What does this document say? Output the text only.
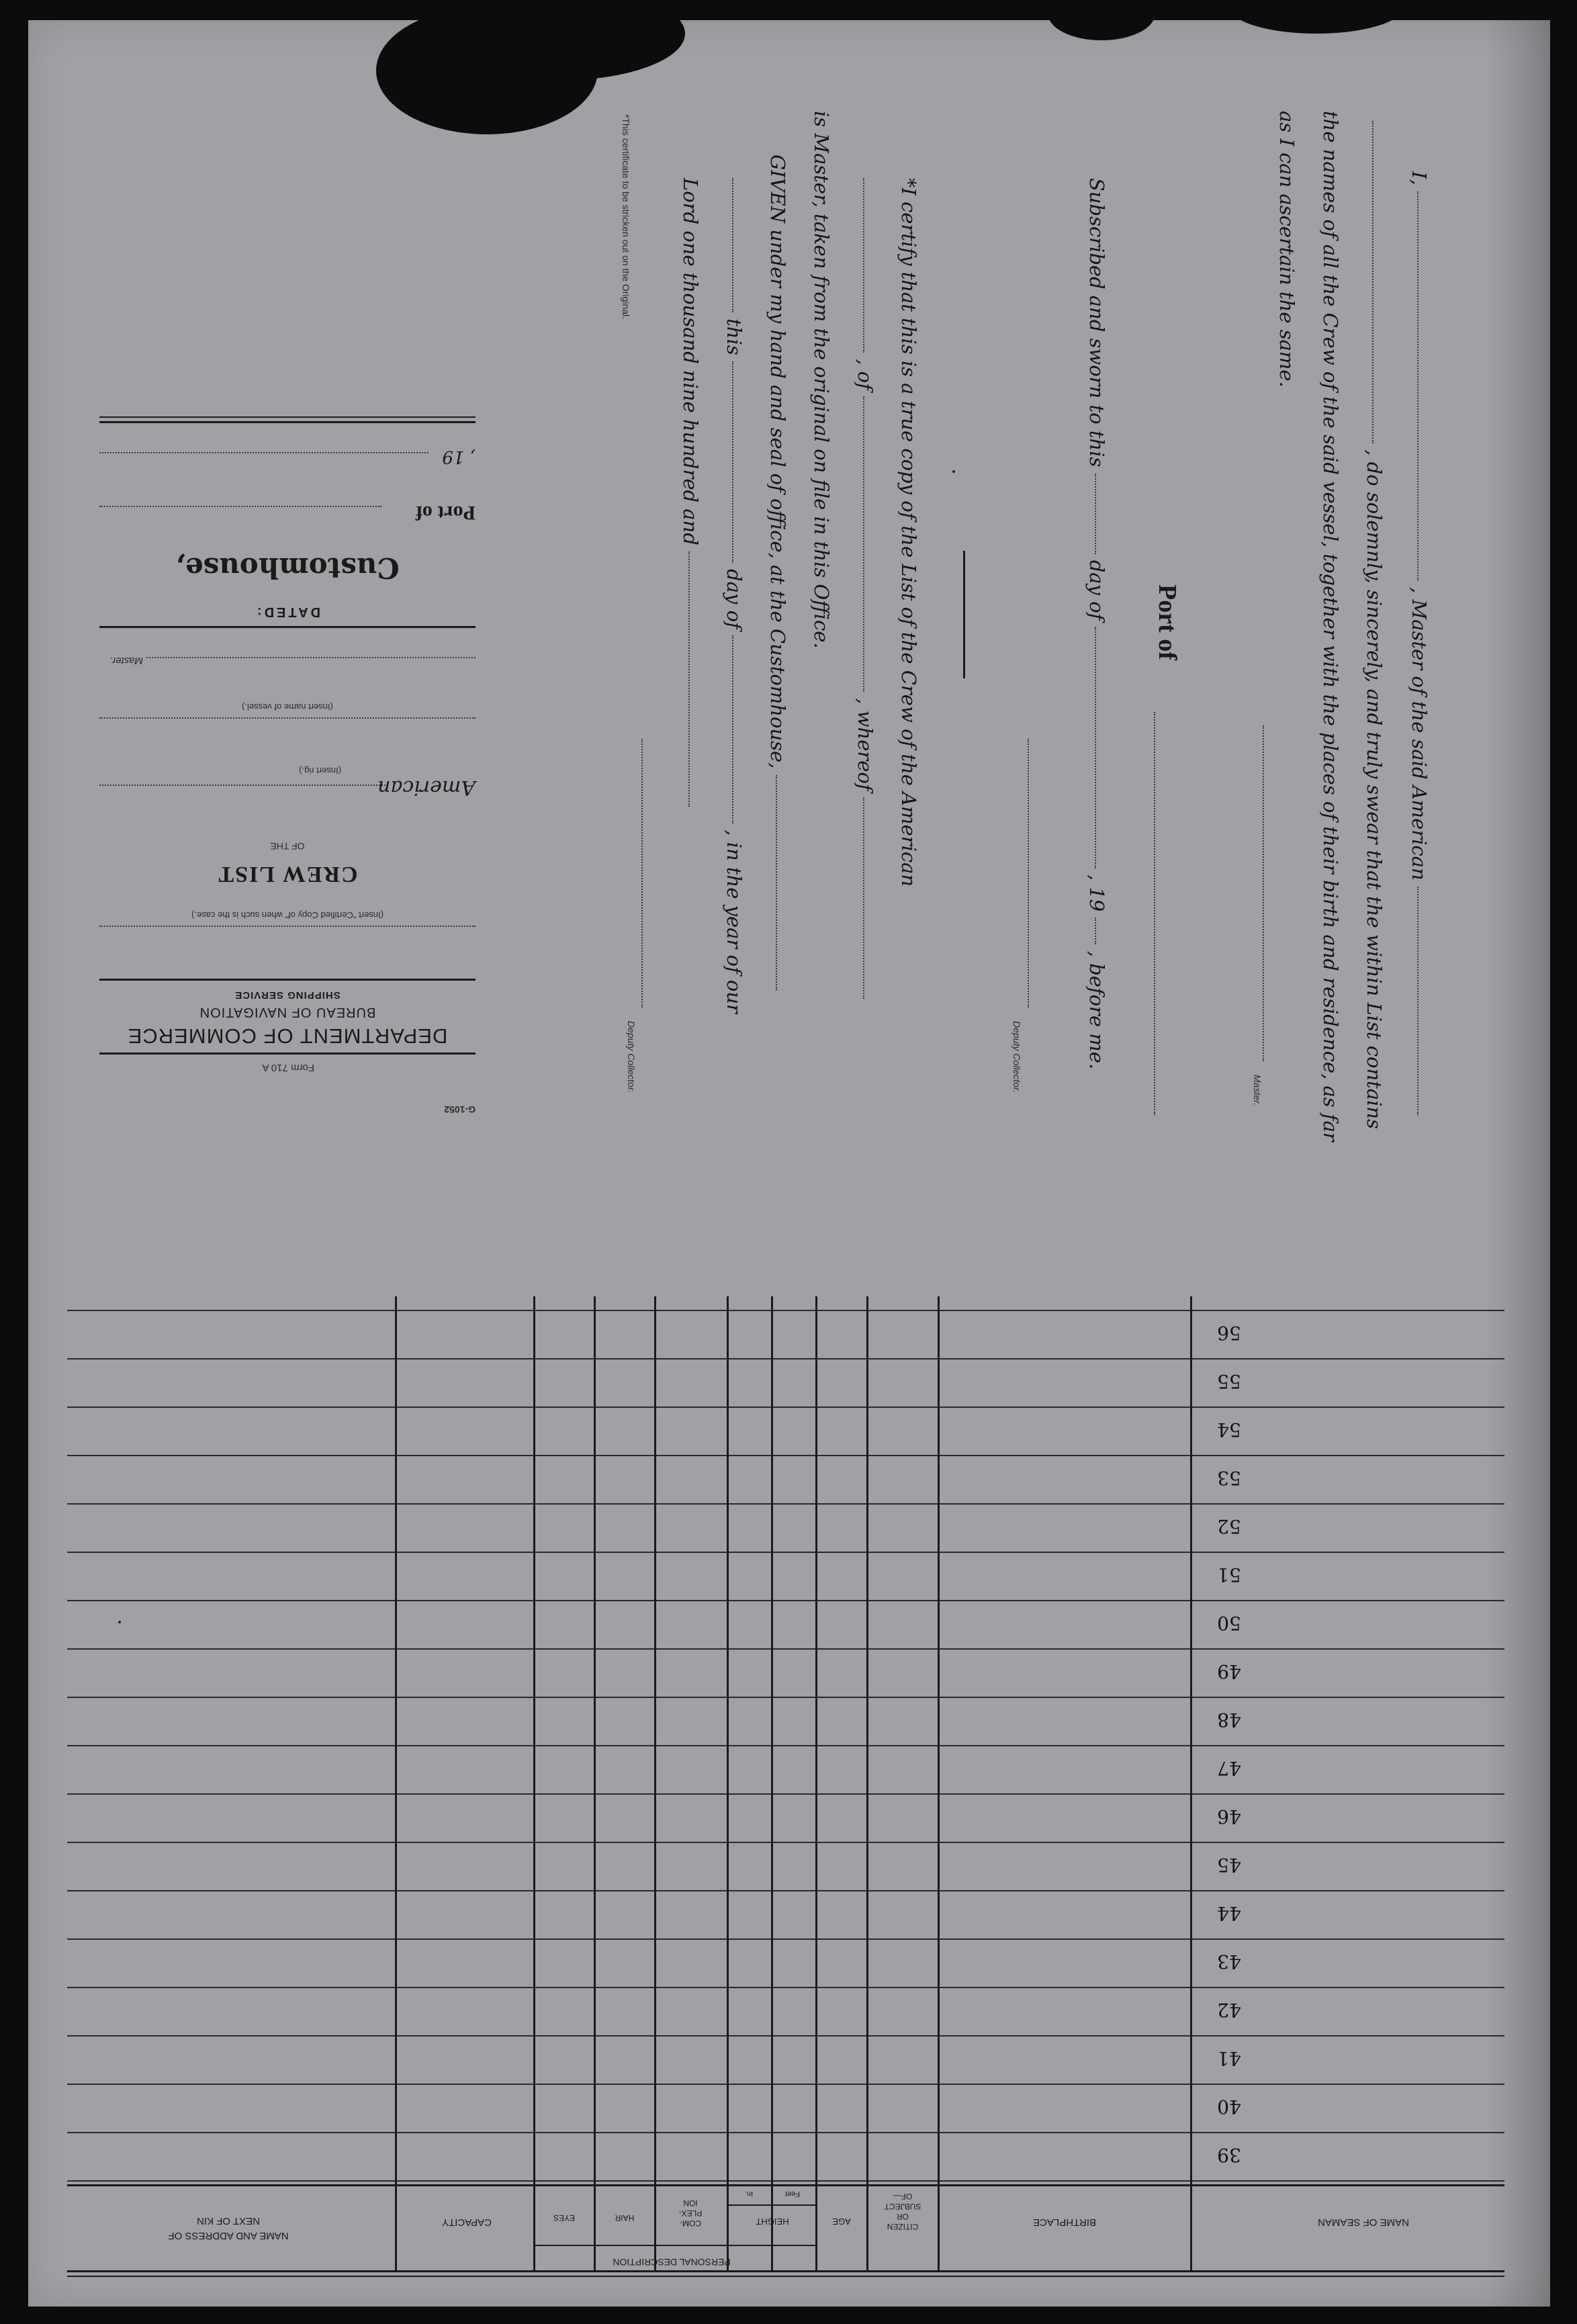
I,  , Master of the said American
, do solemnly, sincerely, and truly swear that the within List contains
the names of all the Crew of the said vessel, together with the places of their birth and residence, as far
as I can ascertain the same.
Master.
Port of
Subscribed and sworn to this  day of  , 19  , before me.
Deputy Collector.
*I certify that this is a true copy of the List of the Crew of the American
, of  , whereof
is Master, taken from the original on file in this Office.
GIVEN under my hand and seal of office, at the Customhouse,
this  day of  , in the year of our
Lord one thousand nine hundred and
Deputy Collector.
*This certificate to be stricken out on the Original.
G-1052
Form 710 A
DEPARTMENT OF COMMERCE
BUREAU OF NAVIGATION
SHIPPING SERVICE
(Insert "Certified Copy of" when such is the case.)
CREW LIST
OF THE
American
(Insert rig.)
(Insert name of vessel.)
Master.
DATED:
Customhouse,
Port of
, 19
56
55
54
53
52
51
50
49
48
47
46
45
44
43
42
41
40
39
NAME OF SEAMAN
BIRTHPLACE
CITIZEN
OR
SUBJECT
OF—
AGE
PERSONAL DESCRIPTION
HEIGHT
Feet
In.
COM-
PLEX-
ION
HAIR
EYES
CAPACITY
NAME AND ADDRESS OF
NEXT OF KIN
